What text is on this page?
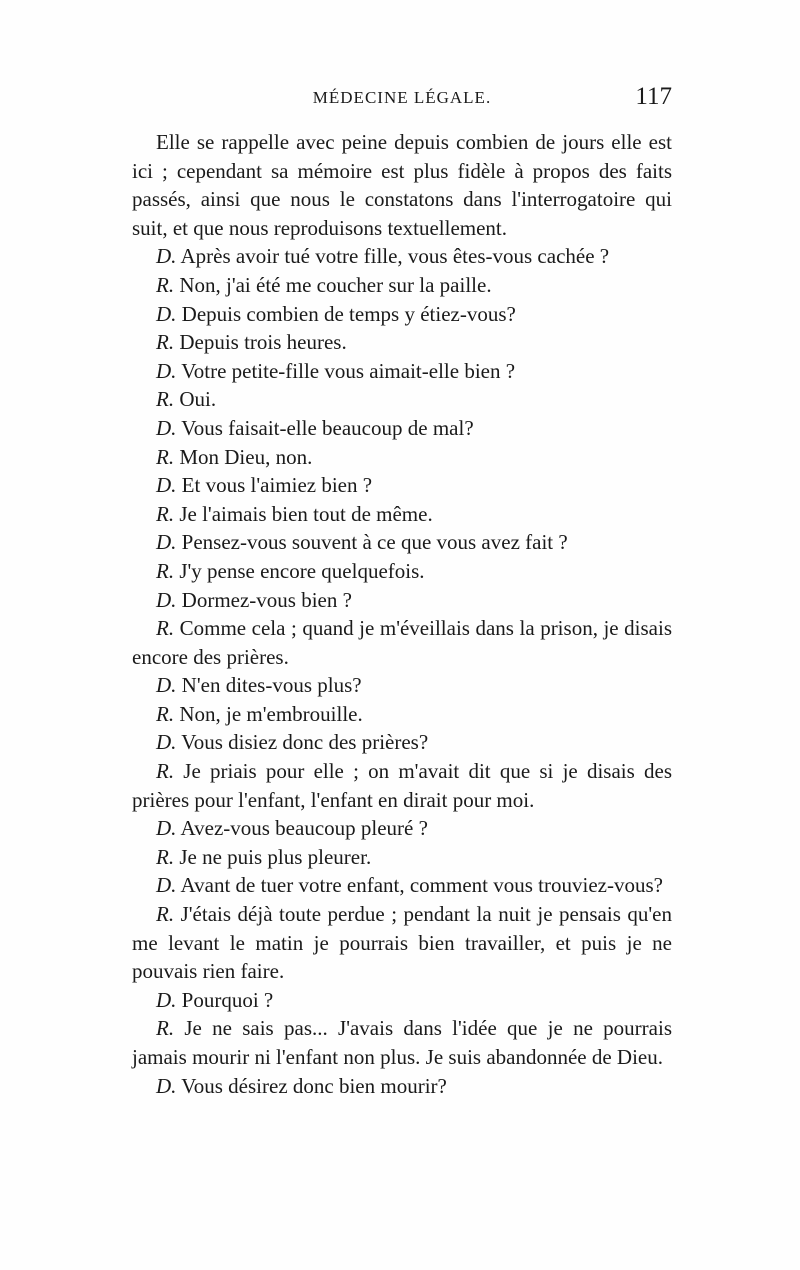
MÉDECINE LÉGALE.	117

Elle se rappelle avec peine depuis combien de jours elle est ici ; cependant sa mémoire est plus fidèle à propos des faits passés, ainsi que nous le constatons dans l'interrogatoire qui suit, et que nous reproduisons textuellement.

D. Après avoir tué votre fille, vous êtes-vous cachée ?

R. Non, j'ai été me coucher sur la paille.

D. Depuis combien de temps y étiez-vous?

R. Depuis trois heures.

D. Votre petite-fille vous aimait-elle bien ?

R. Oui.

D. Vous faisait-elle beaucoup de mal?

R. Mon Dieu, non.

D. Et vous l'aimiez bien ?

R. Je l'aimais bien tout de même.

D. Pensez-vous souvent à ce que vous avez fait ?

R. J'y pense encore quelquefois.

D. Dormez-vous bien ?

R. Comme cela ; quand je m'éveillais dans la prison, je disais encore des prières.

D. N'en dites-vous plus?

R. Non, je m'embrouille.

D. Vous disiez donc des prières?

R. Je priais pour elle ; on m'avait dit que si je disais des prières pour l'enfant, l'enfant en dirait pour moi.

D. Avez-vous beaucoup pleuré ?

R. Je ne puis plus pleurer.

D. Avant de tuer votre enfant, comment vous trouviez-vous?

R. J'étais déjà toute perdue ; pendant la nuit je pensais qu'en me levant le matin je pourrais bien travailler, et puis je ne pouvais rien faire.

D. Pourquoi ?

R. Je ne sais pas... J'avais dans l'idée que je ne pourrais jamais mourir ni l'enfant non plus. Je suis abandonnée de Dieu.

D. Vous désirez donc bien mourir?
